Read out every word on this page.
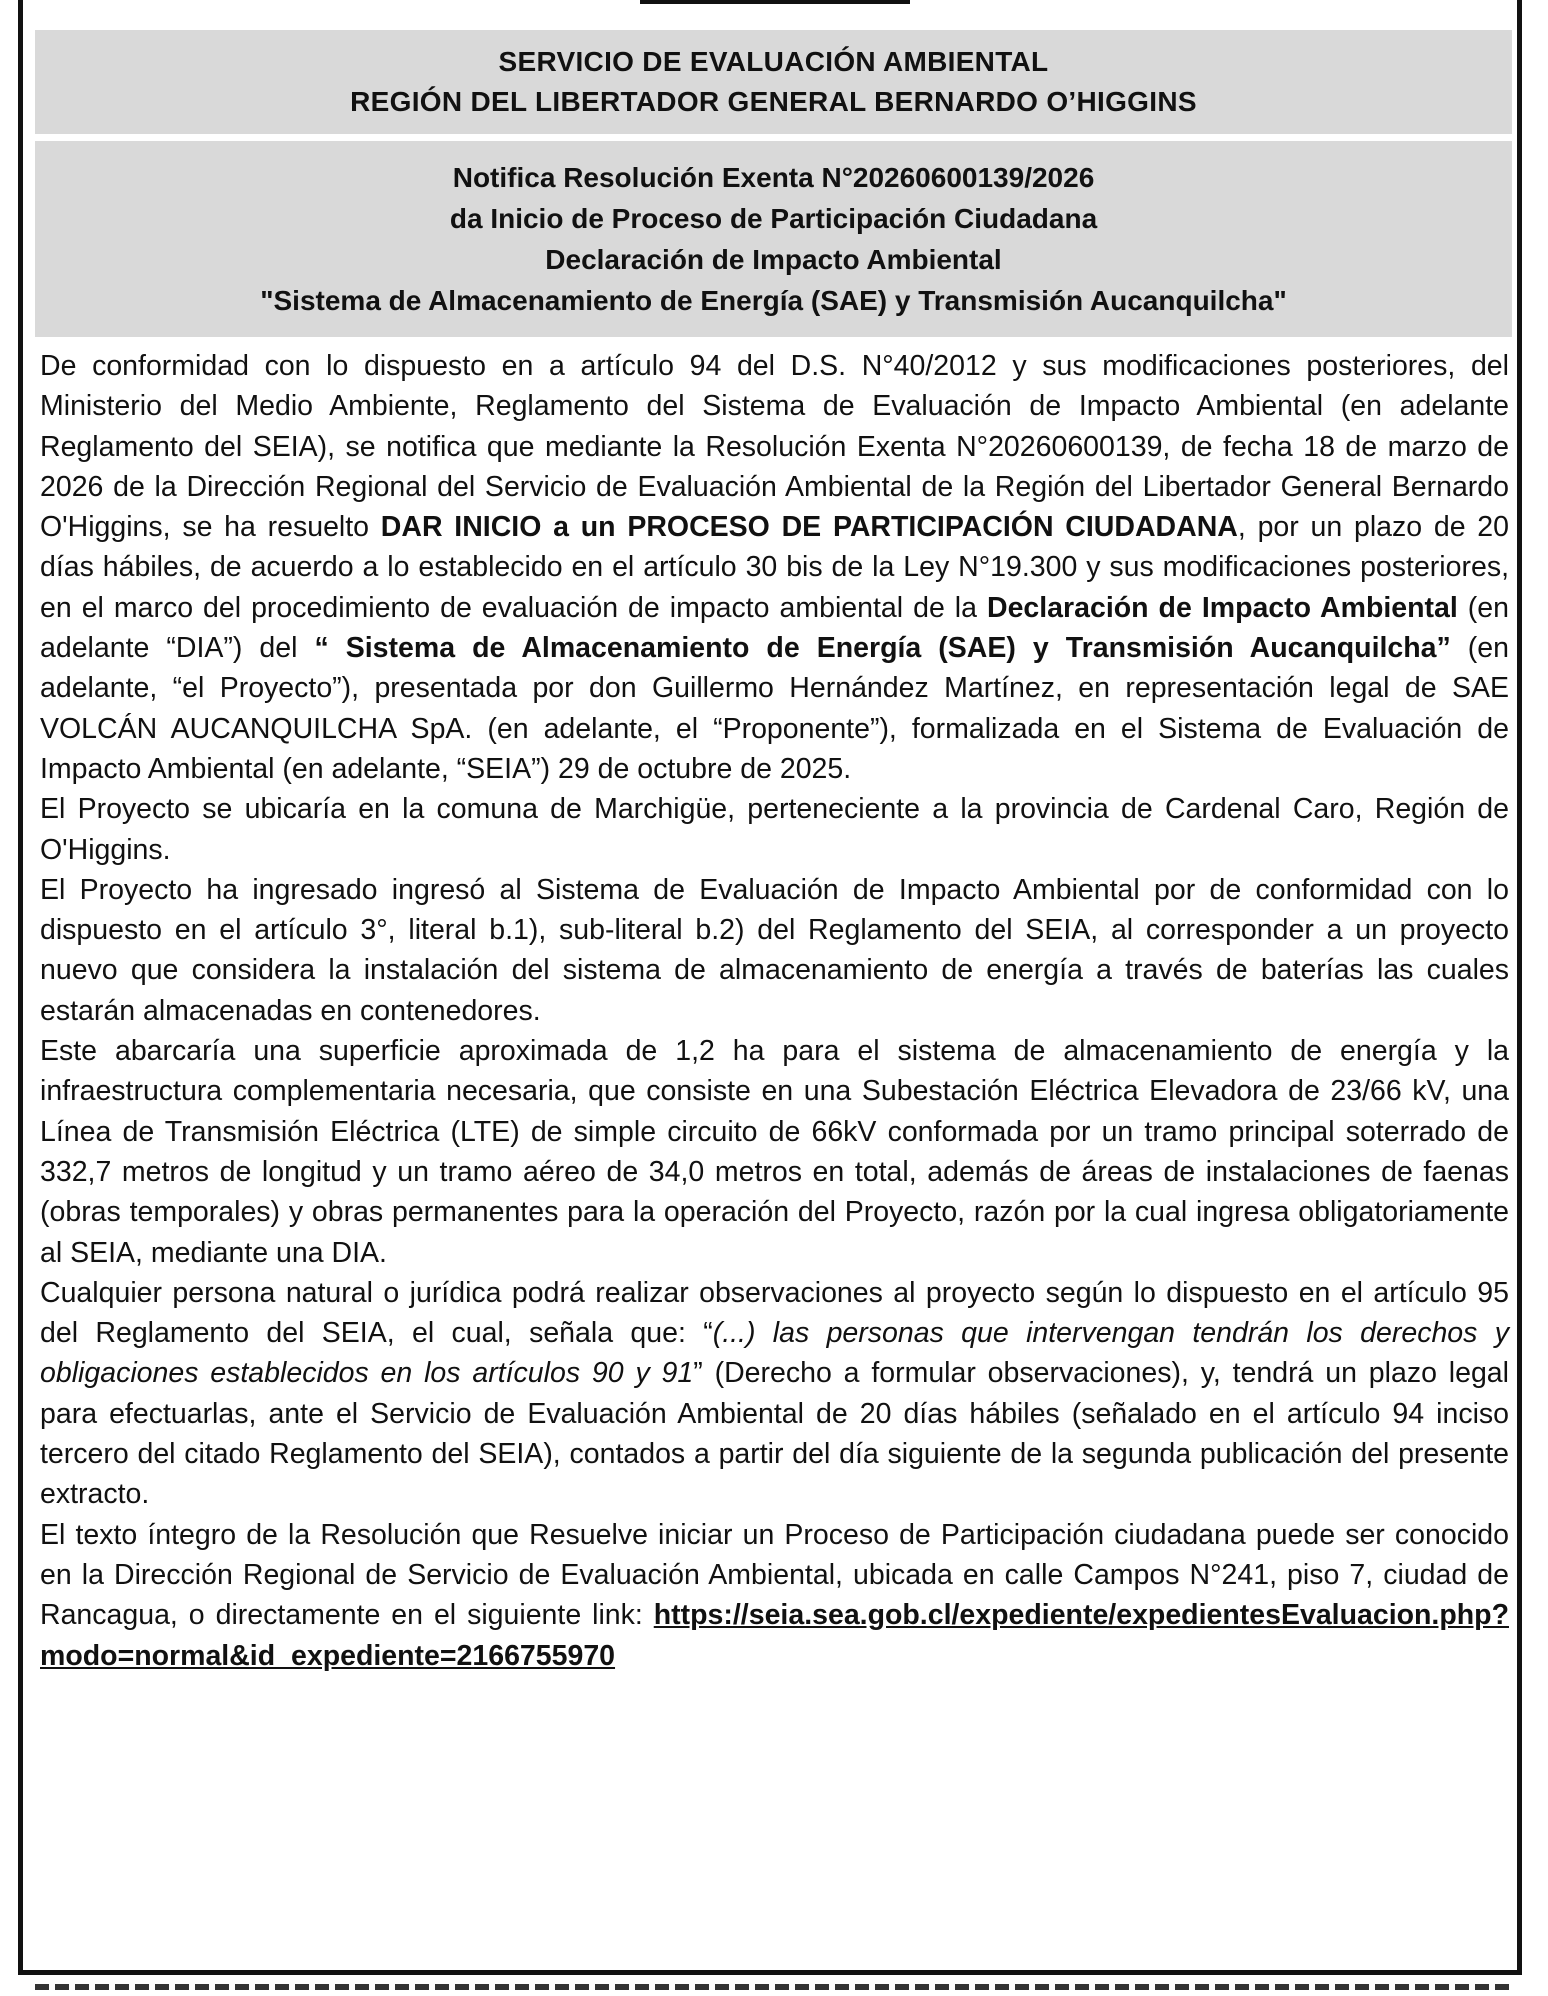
SERVICIO DE EVALUACIÓN AMBIENTAL
REGIÓN DEL LIBERTADOR GENERAL BERNARDO O’HIGGINS
Notifica Resolución Exenta N°20260600139/2026
da Inicio de Proceso de Participación Ciudadana
Declaración de Impacto Ambiental
"Sistema de Almacenamiento de Energía (SAE) y Transmisión Aucanquilcha"

De conformidad con lo dispuesto en a artículo 94 del D.S. N°40/2012 y sus modificaciones posteriores, del Ministerio del Medio Ambiente, Reglamento del Sistema de Evaluación de Impacto Ambiental (en adelante Reglamento del SEIA), se notifica que mediante la Resolución Exenta N°20260600139, de fecha 18 de marzo de 2026 de la Dirección Regional del Servicio de Evaluación Ambiental de la Región del Libertador General Bernardo O'Higgins, se ha resuelto DAR INICIO a un PROCESO DE PARTICIPACIÓN CIUDADANA, por un plazo de 20 días hábiles, de acuerdo a lo establecido en el artículo 30 bis de la Ley N°19.300 y sus modificaciones posteriores, en el marco del procedimiento de evaluación de impacto ambiental de la Declaración de Impacto Ambiental (en adelante “DIA”) del “ Sistema de Almacenamiento de Energía (SAE) y Transmisión Aucanquilcha” (en adelante, “el Proyecto”), presentada por don Guillermo Hernández Martínez, en representación legal de SAE VOLCÁN AUCANQUILCHA SpA. (en adelante, el “Proponente”), formalizada en el Sistema de Evaluación de Impacto Ambiental (en adelante, “SEIA”) 29 de octubre de 2025.

El Proyecto se ubicaría en la comuna de Marchigüe, perteneciente a la provincia de Cardenal Caro, Región de O'Higgins.

El Proyecto ha ingresado ingresó al Sistema de Evaluación de Impacto Ambiental por de conformidad con lo dispuesto en el artículo 3°, literal b.1), sub-literal b.2) del Reglamento del SEIA, al corresponder a un proyecto nuevo que considera la instalación del sistema de almacenamiento de energía a través de baterías las cuales estarán almacenadas en contenedores.

Este abarcaría una superficie aproximada de 1,2 ha para el sistema de almacenamiento de energía y la infraestructura complementaria necesaria, que consiste en una Subestación Eléctrica Elevadora de 23/66 kV, una Línea de Transmisión Eléctrica (LTE) de simple circuito de 66kV conformada por un tramo principal soterrado de 332,7 metros de longitud y un tramo aéreo de 34,0 metros en total, además de áreas de instalaciones de faenas (obras temporales) y obras permanentes para la operación del Proyecto, razón por la cual ingresa obligatoriamente al SEIA, mediante una DIA.

Cualquier persona natural o jurídica podrá realizar observaciones al proyecto según lo dispuesto en el artículo 95 del Reglamento del SEIA, el cual, señala que: “(...) las personas que intervengan tendrán los derechos y obligaciones establecidos en los artículos 90 y 91” (Derecho a formular observaciones), y, tendrá un plazo legal para efectuarlas, ante el Servicio de Evaluación Ambiental de 20 días hábiles (señalado en el artículo 94 inciso tercero del citado Reglamento del SEIA), contados a partir del día siguiente de la segunda publicación del presente extracto.

El texto íntegro de la Resolución que Resuelve iniciar un Proceso de Participación ciudadana puede ser conocido en la Dirección Regional de Servicio de Evaluación Ambiental, ubicada en calle Campos N°241, piso 7, ciudad de Rancagua, o directamente en el siguiente link: https://seia.sea.gob.cl/expediente/expedientesEvaluacion.php?modo=normal&id_expediente=2166755970
